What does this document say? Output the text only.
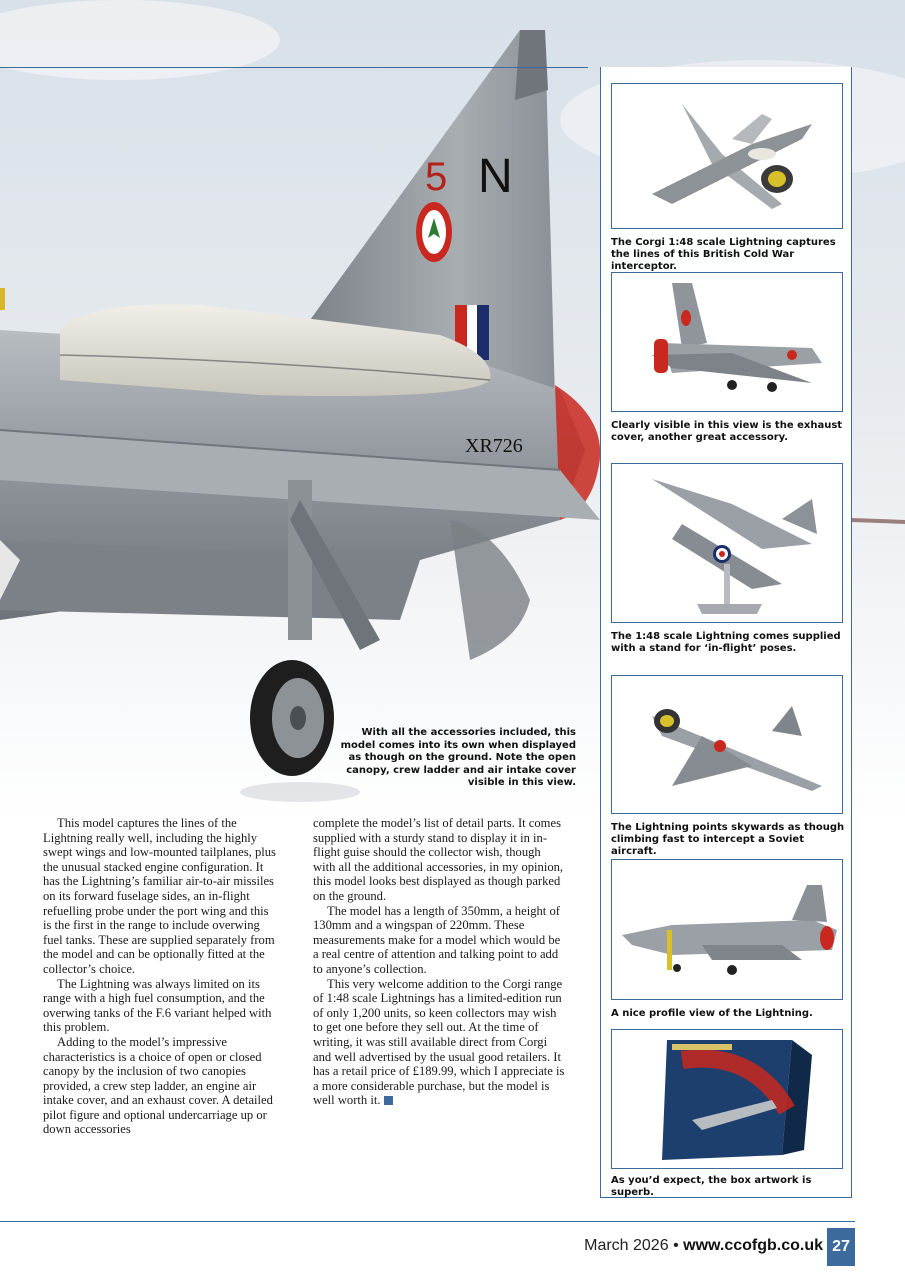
5 N
XR726
With all the accessories included, this model comes into its own when displayed as though on the ground. Note the open canopy, crew ladder and air intake cover visible in this view.
The Corgi 1:48 scale Lightning captures the lines of this British Cold War interceptor.
Clearly visible in this view is the exhaust cover, another great accessory.
The 1:48 scale Lightning comes supplied with a stand for ‘in-flight’ poses.
The Lightning points skywards as though climbing fast to intercept a Soviet aircraft.
A nice profile view of the Lightning.
As you’d expect, the box artwork is superb.

This model captures the lines of the Lightning really well, including the highly swept wings and low-mounted tailplanes, plus the unusual stacked engine configuration. It has the Lightning’s familiar air-to-air missiles on its forward fuselage sides, an in-flight refuelling probe under the port wing and this is the first in the range to include overwing fuel tanks. These are supplied separately from the model and can be optionally fitted at the collector’s choice.

The Lightning was always limited on its range with a high fuel consumption, and the overwing tanks of the F.6 variant helped with this problem.

Adding to the model’s impressive characteristics is a choice of open or closed canopy by the inclusion of two canopies provided, a crew step ladder, an engine air intake cover, and an exhaust cover. A detailed pilot figure and optional undercarriage up or down accessories

complete the model’s list of detail parts. It comes supplied with a sturdy stand to display it in in-flight guise should the collector wish, though with all the additional accessories, in my opinion, this model looks best displayed as though parked on the ground.

The model has a length of 350mm, a height of 130mm and a wingspan of 220mm. These measurements make for a model which would be a real centre of attention and talking point to add to anyone’s collection.

This very welcome addition to the Corgi range of 1:48 scale Lightnings has a limited-edition run of only 1,200 units, so keen collectors may wish to get one before they sell out. At the time of writing, it was still available direct from Corgi and well advertised by the usual good retailers. It has a retail price of £189.99, which I appreciate is a more considerable purchase, but the model is well worth it.

March 2026 • www.ccofgb.co.uk 27
